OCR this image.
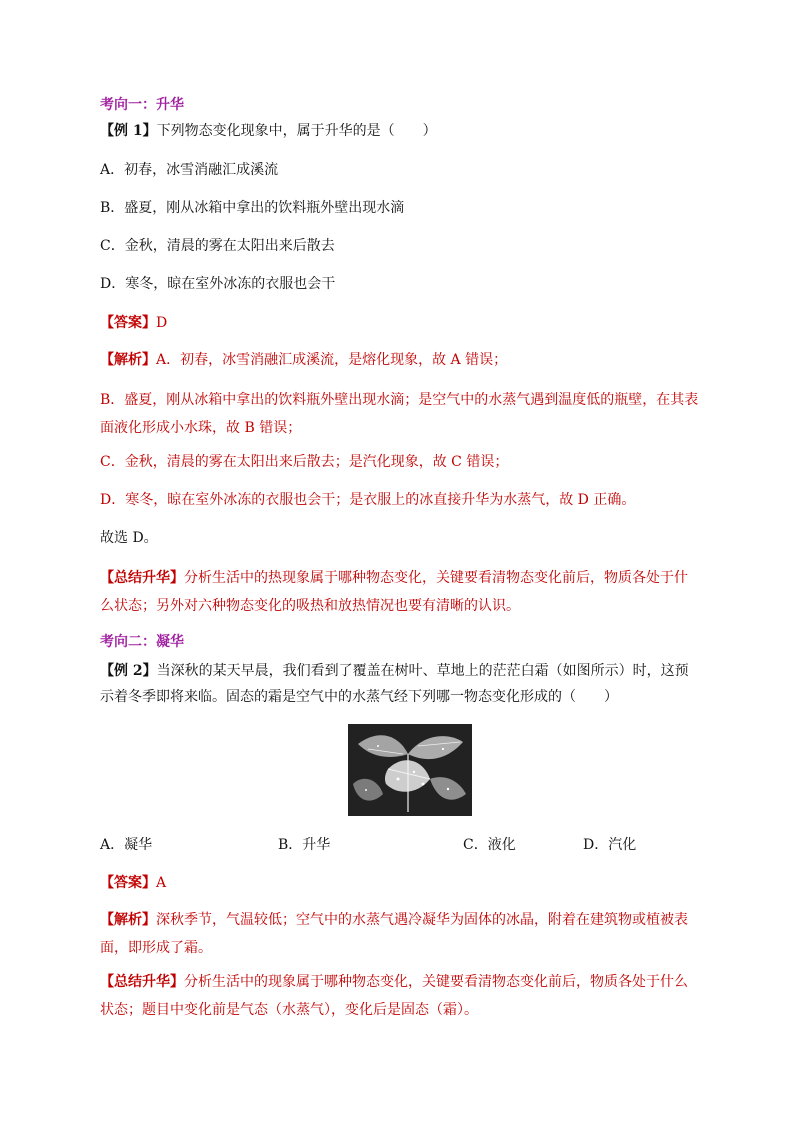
考向一：升华
【例 1】下列物态变化现象中，属于升华的是（　　）
A．初春，冰雪消融汇成溪流
B．盛夏，刚从冰箱中拿出的饮料瓶外壁出现水滴
C．金秋，清晨的雾在太阳出来后散去
D．寒冬，晾在室外冰冻的衣服也会干
【答案】D
【解析】A．初春，冰雪消融汇成溪流，是熔化现象，故 A 错误；
B．盛夏，刚从冰箱中拿出的饮料瓶外壁出现水滴；是空气中的水蒸气遇到温度低的瓶壁，在其表面液化形成小水珠，故 B 错误；
C．金秋，清晨的雾在太阳出来后散去；是汽化现象，故 C 错误；
D．寒冬，晾在室外冰冻的衣服也会干；是衣服上的冰直接升华为水蒸气，故 D 正确。
故选 D。
【总结升华】分析生活中的热现象属于哪种物态变化，关键要看清物态变化前后，物质各处于什么状态；另外对六种物态变化的吸热和放热情况也要有清晰的认识。
考向二：凝华
【例 2】当深秋的某天早晨，我们看到了覆盖在树叶、草地上的茫茫白霜（如图所示）时，这预示着冬季即将来临。固态的霜是空气中的水蒸气经下列哪一物态变化形成的（　　）
A．凝华	B．升华	C．液化	D．汽化
【答案】A
【解析】深秋季节，气温较低；空气中的水蒸气遇冷凝华为固体的冰晶，附着在建筑物或植被表面，即形成了霜。
【总结升华】分析生活中的现象属于哪种物态变化，关键要看清物态变化前后，物质各处于什么状态；题目中变化前是气态（水蒸气），变化后是固态（霜）。
